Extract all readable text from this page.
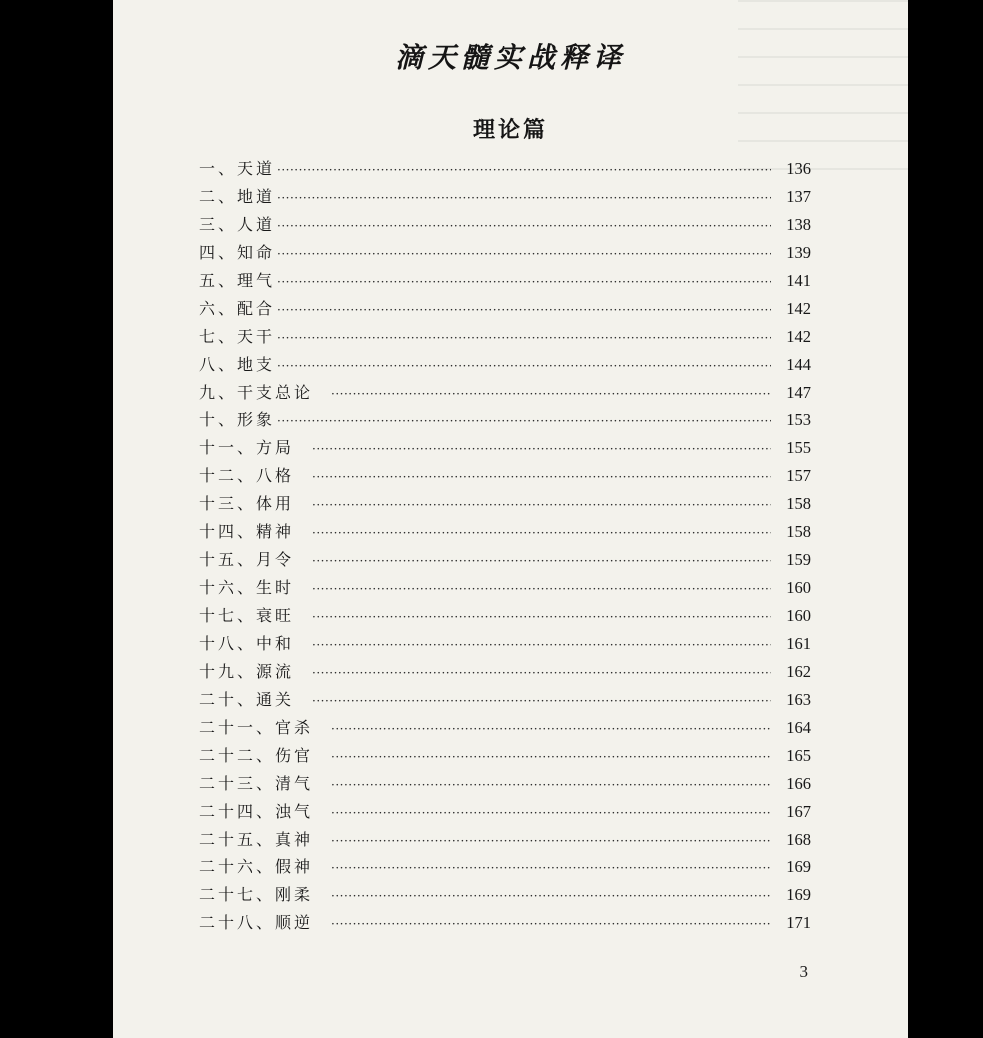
滴天髓实战释译
理论篇
一、天道 ·····	136
二、地道 ·····	137
三、人道 ·····	138
四、知命 ·····	139
五、理气 ·····	141
六、配合 ·····	142
七、天干 ·····	142
八、地支 ·····	144
九、干支总论 ·····	147
十、形象 ·····	153
十一、方局 ·····	155
十二、八格 ·····	157
十三、体用 ·····	158
十四、精神 ·····	158
十五、月令 ·····	159
十六、生时 ·····	160
十七、衰旺 ·····	160
十八、中和 ·····	161
十九、源流 ·····	162
二十、通关 ·····	163
二十一、官杀 ·····	164
二十二、伤官 ·····	165
二十三、清气 ·····	166
二十四、浊气 ·····	167
二十五、真神 ·····	168
二十六、假神 ·····	169
二十七、刚柔 ·····	169
二十八、顺逆 ·····	171

3
